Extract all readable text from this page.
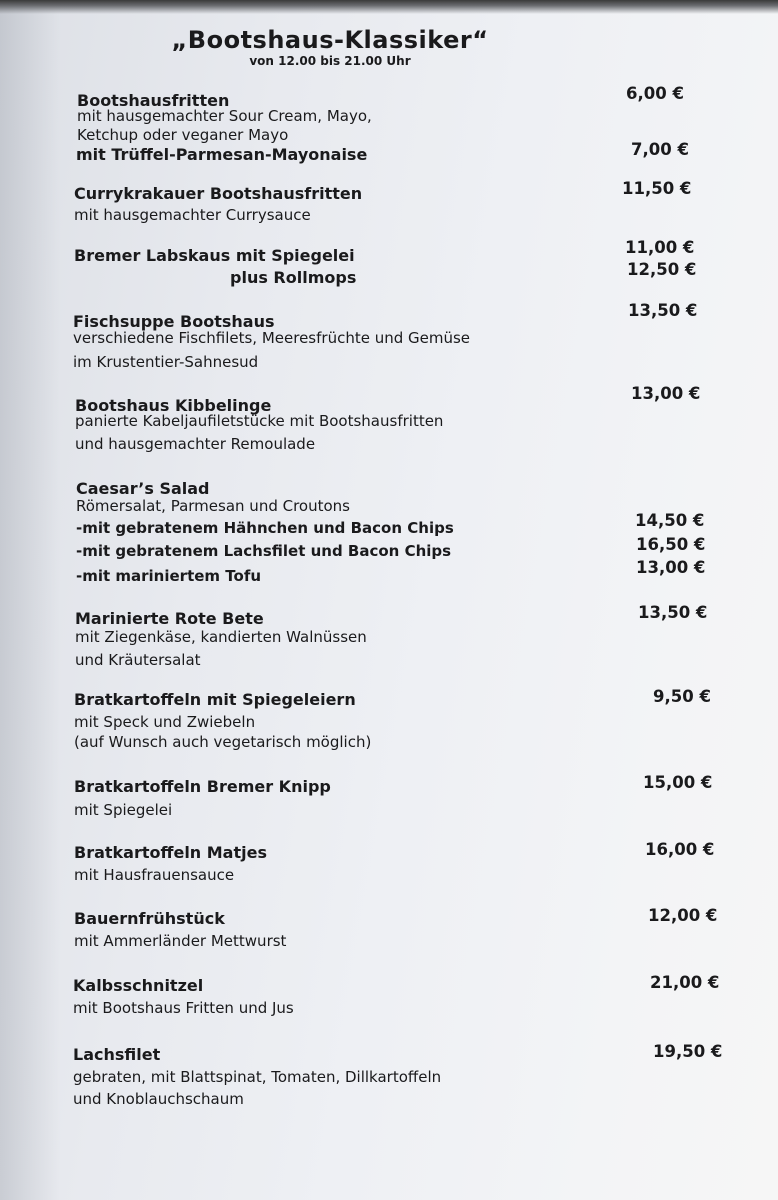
„Bootshaus-Klassiker“
von 12.00 bis 21.00 Uhr
Bootshausfritten
mit hausgemachter Sour Cream, Mayo,
Ketchup oder veganer Mayo
mit Trüffel-Parmesan-Mayonaise
6,00 €
7,00 €
Currykrakauer Bootshausfritten
mit hausgemachter Currysauce
11,50 €
Bremer Labskaus mit Spiegelei
plus Rollmops
11,00 €
12,50 €
Fischsuppe Bootshaus
verschiedene Fischfilets, Meeresfrüchte und Gemüse
im Krustentier-Sahnesud
13,50 €
Bootshaus Kibbelinge
panierte Kabeljaufiletstücke mit Bootshausfritten
und hausgemachter Remoulade
13,00 €
Caesar’s Salad
Römersalat, Parmesan und Croutons
-mit gebratenem Hähnchen und Bacon Chips
-mit gebratenem Lachsfilet und Bacon Chips
-mit mariniertem Tofu
14,50 €
16,50 €
13,00 €
Marinierte Rote Bete
mit Ziegenkäse, kandierten Walnüssen
und Kräutersalat
13,50 €
Bratkartoffeln mit Spiegeleiern
mit Speck und Zwiebeln
(auf Wunsch auch vegetarisch möglich)
9,50 €
Bratkartoffeln Bremer Knipp
mit Spiegelei
15,00 €
Bratkartoffeln Matjes
mit Hausfrauensauce
16,00 €
Bauernfrühstück
mit Ammerländer Mettwurst
12,00 €
Kalbsschnitzel
mit Bootshaus Fritten und Jus
21,00 €
Lachsfilet
gebraten, mit Blattspinat, Tomaten, Dillkartoffeln
und Knoblauchschaum
19,50 €
